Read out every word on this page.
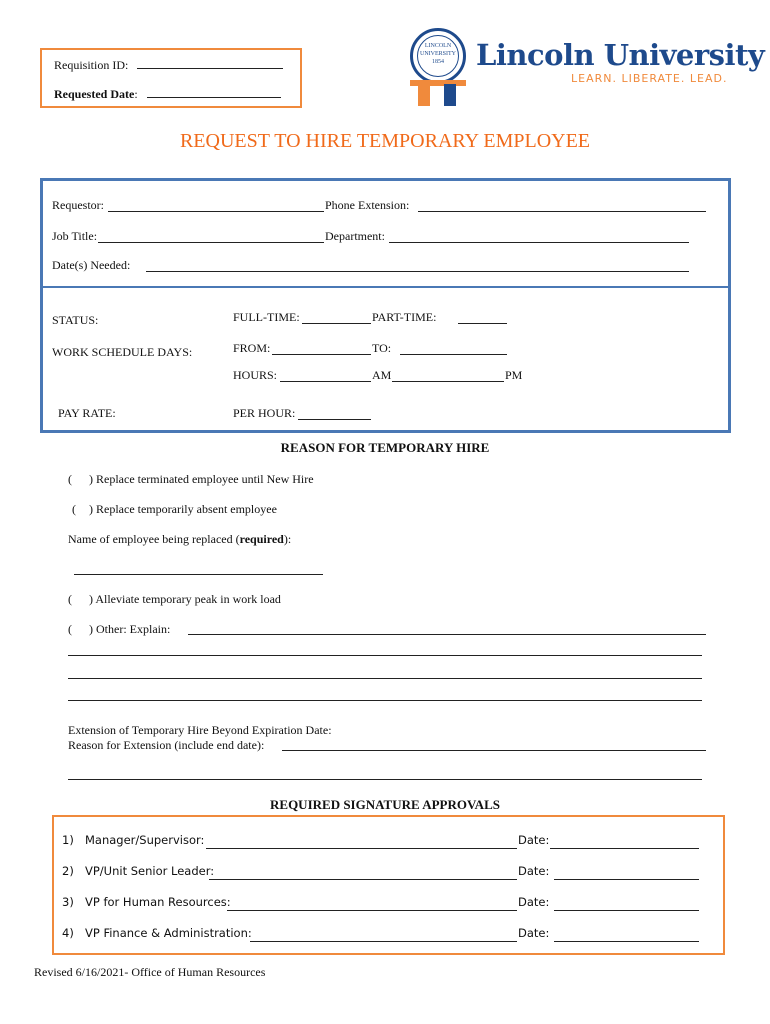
Requisition ID:
Requested Date:
LINCOLN UNIVERSITY 1854	Lincoln University
LEARN. LIBERATE. LEAD.
REQUEST TO HIRE TEMPORARY EMPLOYEE
Requestor:	Phone Extension:
Job Title:	Department:
Date(s) Needed:
STATUS:	FULL-TIME:	PART-TIME:
WORK SCHEDULE DAYS:	FROM:	TO:
HOURS:	AM	PM
PAY RATE:	PER HOUR:
REASON FOR TEMPORARY HIRE
( ) Replace terminated employee until New Hire
( ) Replace temporarily absent employee
Name of employee being replaced (required):
( ) Alleviate temporary peak in work load
( ) Other: Explain:
Extension of Temporary Hire Beyond Expiration Date:
Reason for Extension (include end date):
REQUIRED SIGNATURE APPROVALS
1) Manager/Supervisor:	Date:
2) VP/Unit Senior Leader:	Date:
3) VP for Human Resources:	Date:
4) VP Finance & Administration:	Date:
Revised 6/16/2021- Office of Human Resources
